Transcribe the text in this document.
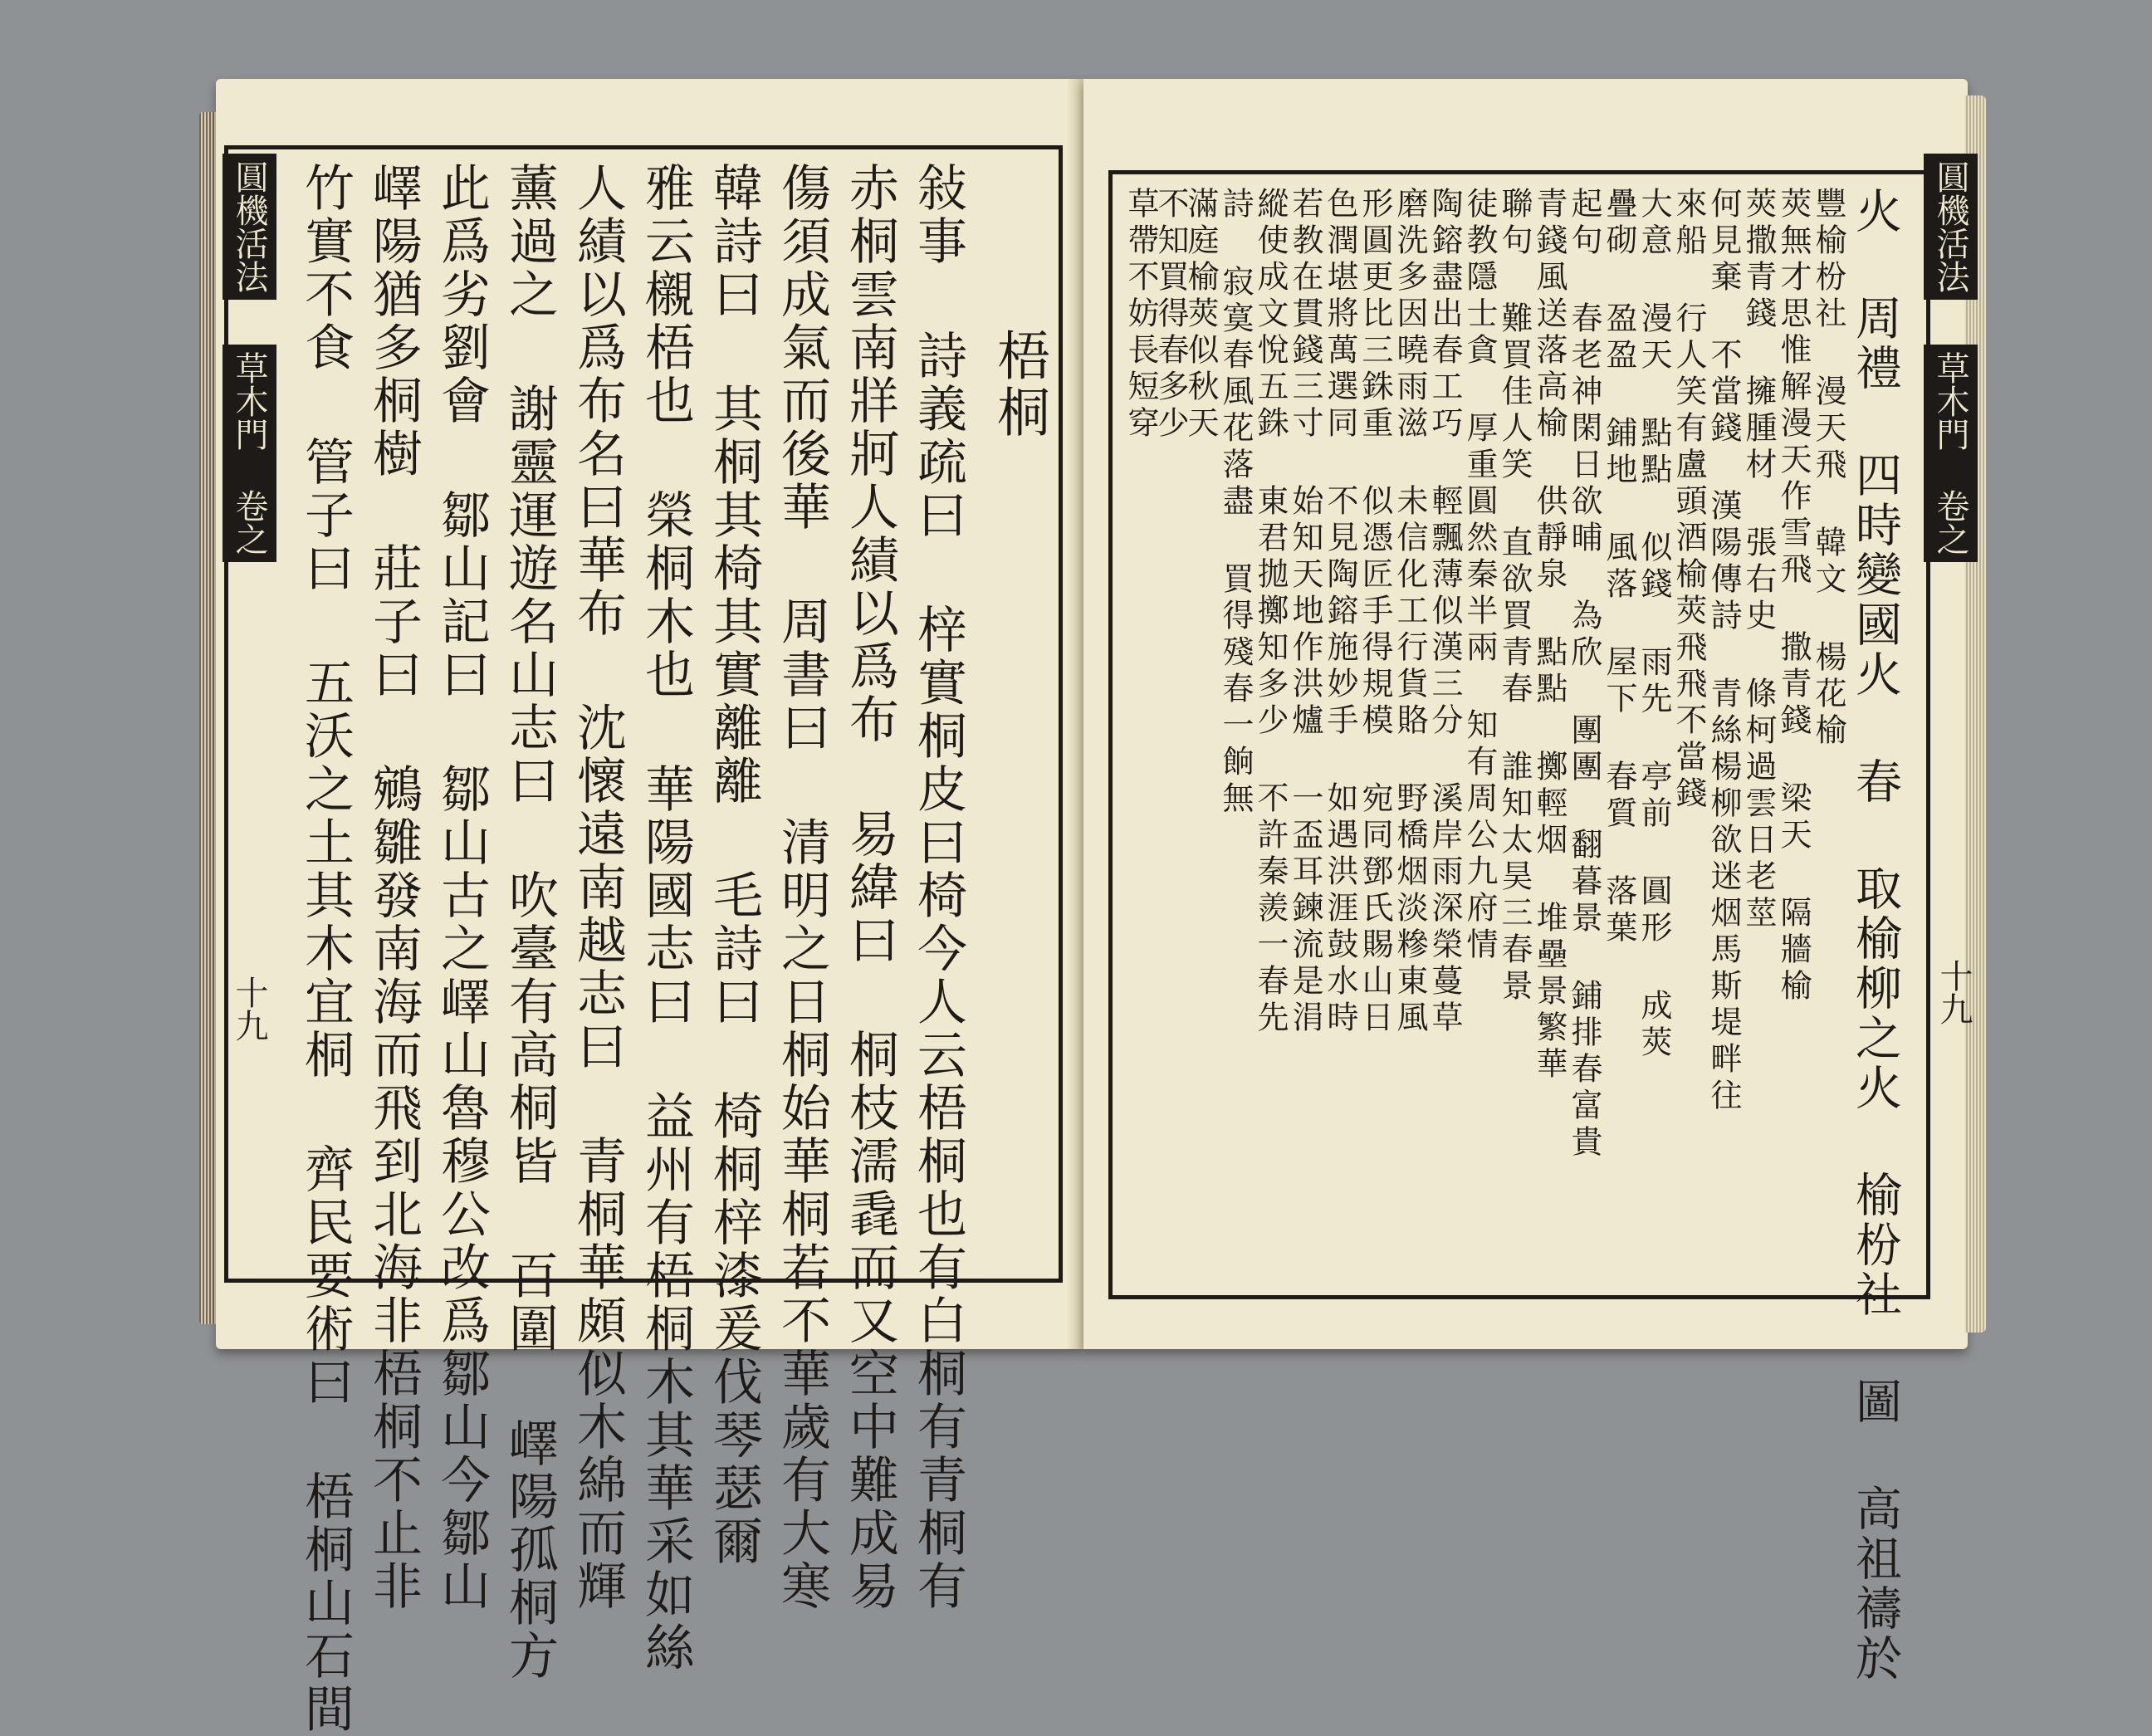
圓機活法
草木門 卷之
十九
梧桐
敍事 詩義疏曰 梓實桐皮曰椅今人云梧桐也有白桐有青桐有
赤桐雲南牂牁人績以爲布 易緯曰 桐枝濡毳而又空中難成易
傷須成氣而後華 周書曰 清明之日桐始華桐若不華歲有大寒
韓詩曰 其桐其椅其實離離 毛詩曰 椅桐梓漆爰伐琴瑟爾
雅云櫬梧也 榮桐木也 華陽國志曰 益州有梧桐木其華采如絲
人績以爲布名曰華布 沈懷遠南越志曰 青桐華頗似木綿而輝
薰過之 謝靈運遊名山志曰 吹臺有高桐皆 百圍 嶧陽孤桐方
此爲劣劉會 鄒山記曰 鄒山古之嶧山魯穆公改爲鄒山今鄒山
嶧陽猶多桐樹 莊子曰 鵷雛發南海而飛到北海非梧桐不止非
竹實不食 管子曰 五沃之土其木宜桐 齊民要術曰 梧桐山石間	圓機活法
草木門 卷之
十九
火 周禮 四時變國火 春 取榆柳之火 榆枌社 圖 高祖禱於
豐榆枌社 漫天飛 韓文 楊花榆
莢無才思惟解漫天作雪飛 撒青錢 梁天 隔牆榆
莢撒青錢 擁腫材 張右史 條柯過雲日老莖
何見棄 不當錢 漢陽傳詩 青絲楊柳欲迷烟馬斯堤畔往
來船 行人笑有盧頭酒榆莢飛飛不當錢
大意 漫天 點點 似錢 雨先 亭前 圓形 成莢
疊砌 盈盈 鋪地 風落 屋下 春質 落葉
起句 春老神閑日欲晡 為欣 團團 翻暮景 鋪排春富貴
青錢風送落高榆 供靜泉 點點 擲輕烟 堆壘景繁華
聯句 難買佳人笑 直欲買青春 誰知太昊三春景
徒教隱士貪 厚重圓然秦半兩 知有周公九府情
陶鎔盡出春工巧 輕飄薄似漢三分 溪岸雨深榮蔓草
磨洗多因曉雨滋 未信化工行貨賂 野橋烟淡糝東風
形圓更比三銖重 似憑匠手得規模 宛同鄧氏賜山日
色潤堪將萬選同 不見陶鎔施妙手 如遇洪涯鼓水時
若教在貫錢三寸 始知天地作洪爐 一盃耳鍊流是涓
縱使成文悅五銖 東君拋擲知多少 不許秦羨一春先
詩 寂寞春風花落盡 買得殘春一餉無
滿庭榆莢似秋天
不知買得春多少
草帶不妨長短穿
